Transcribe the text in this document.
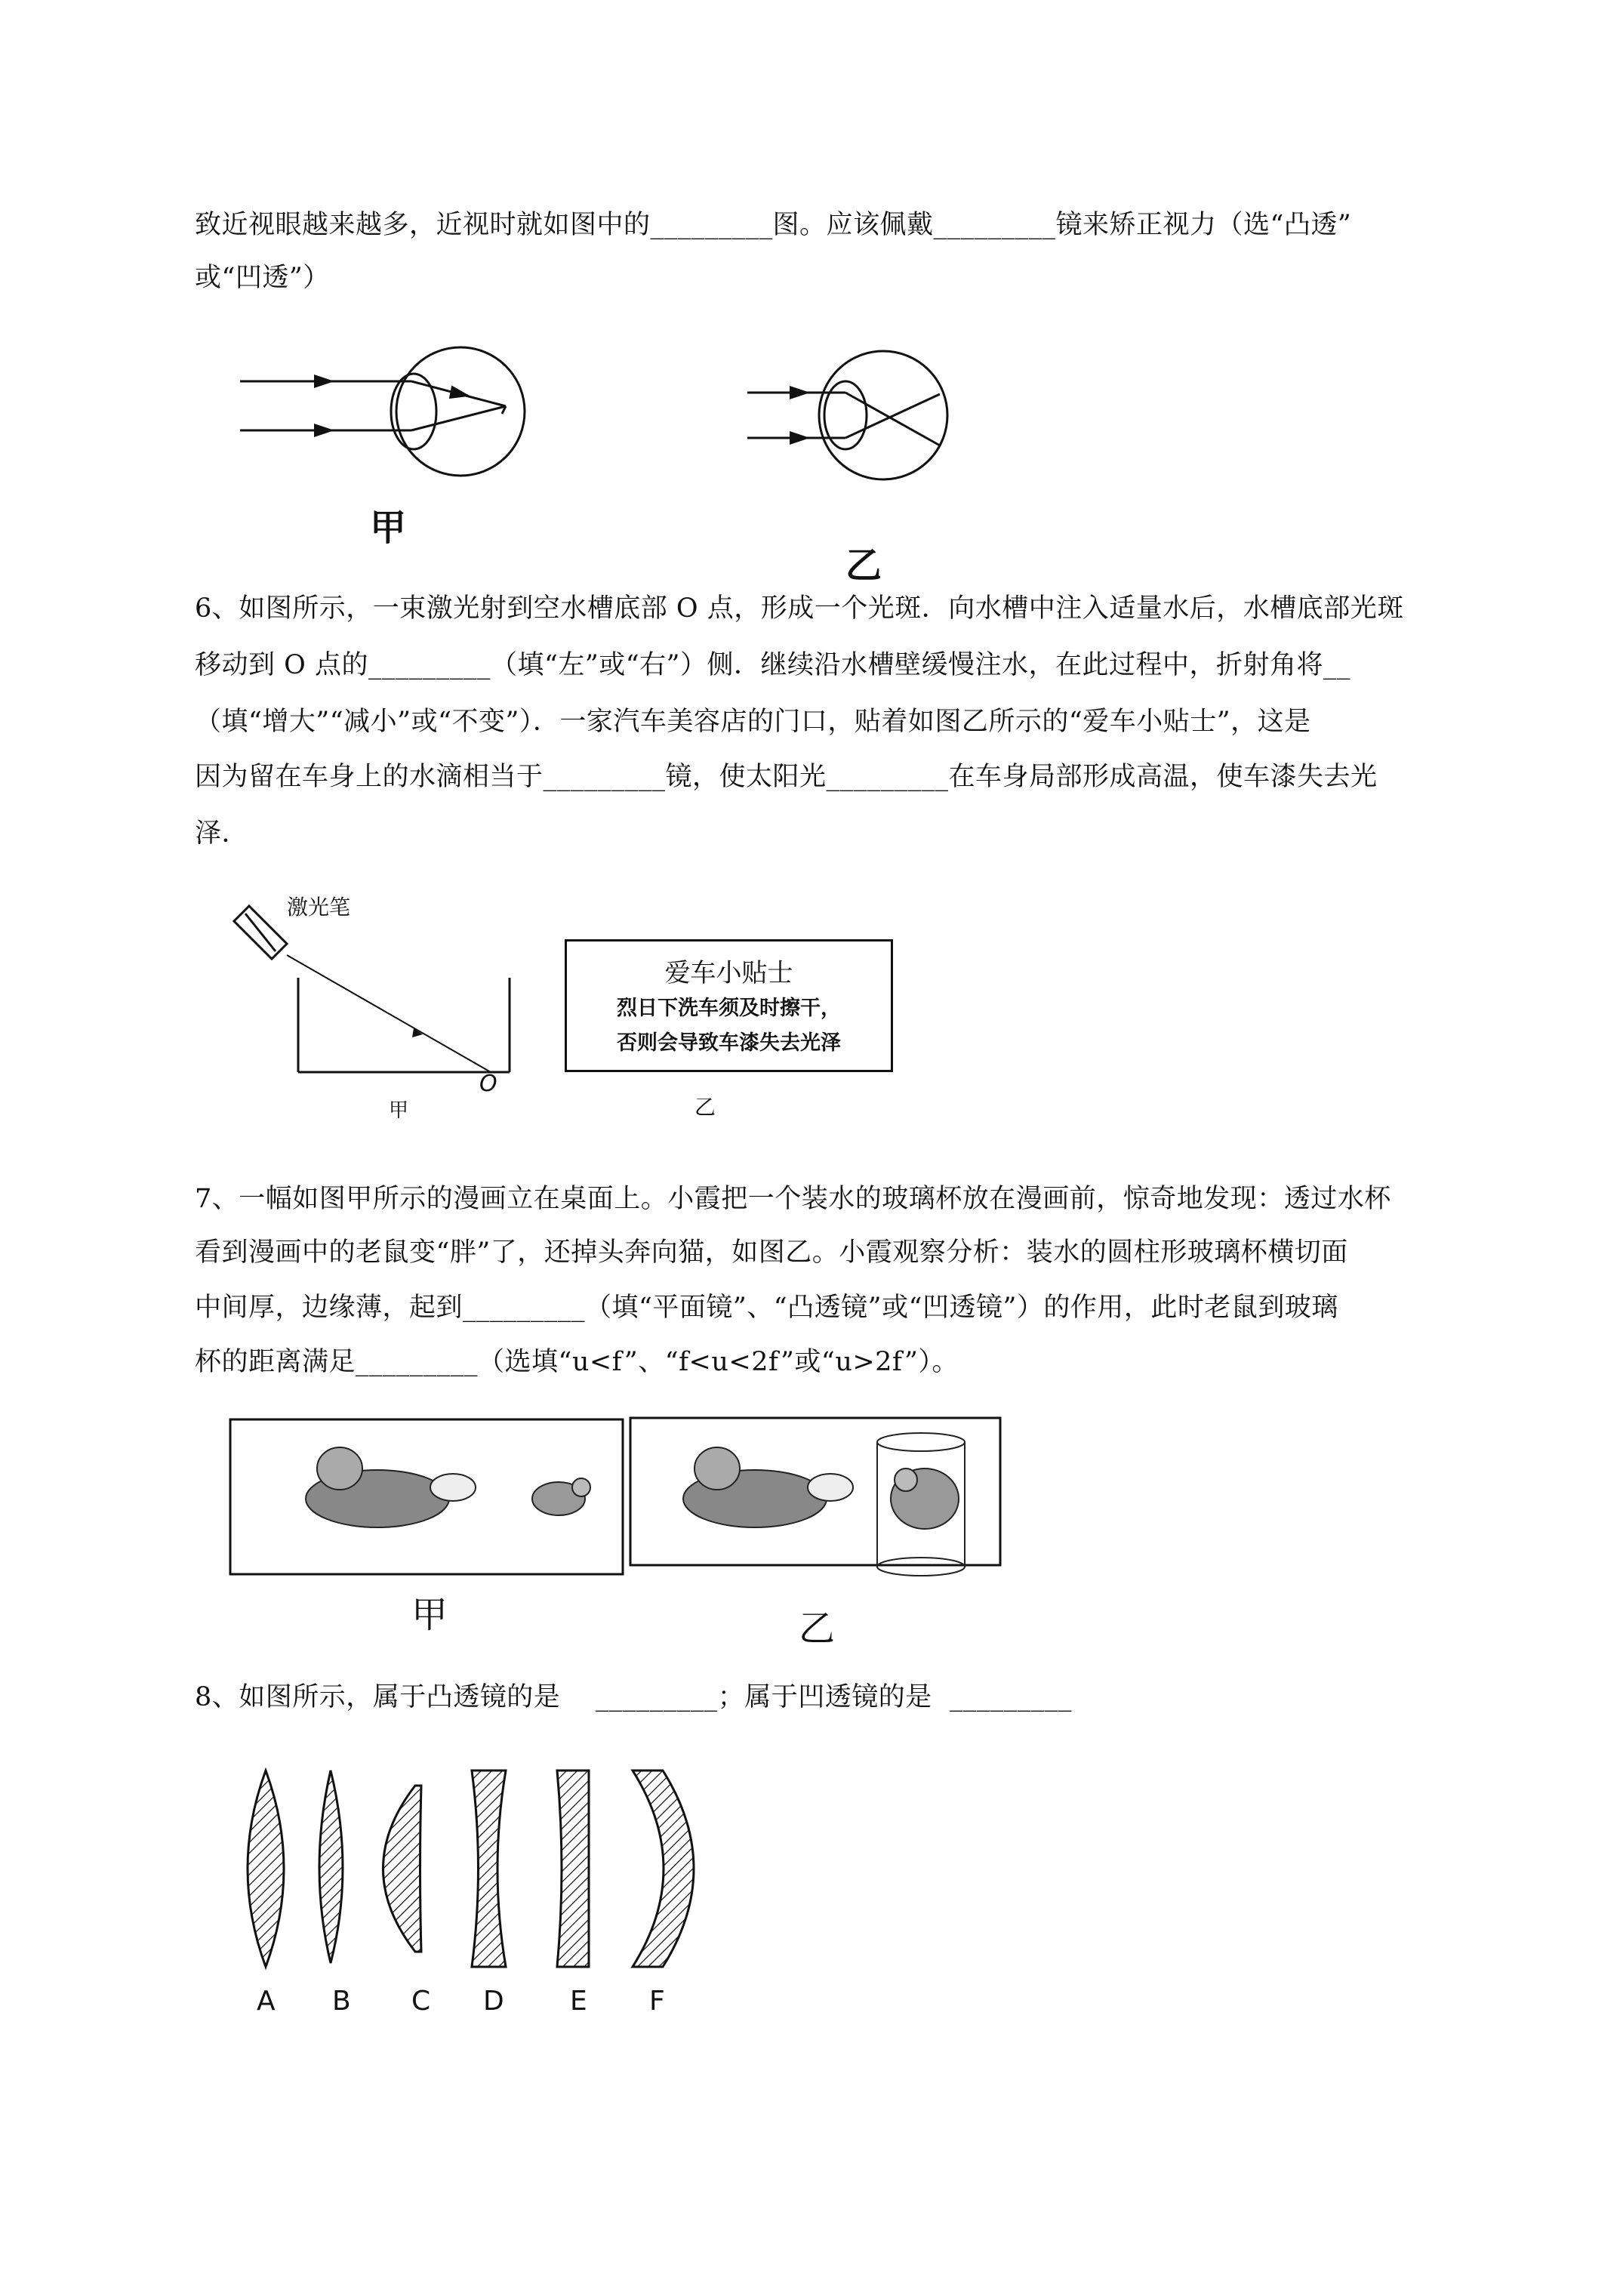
致近视眼越来越多，近视时就如图中的_________图。应该佩戴_________镜来矫正视力（选“凸透”
或“凹透”）
甲
乙
6、如图所示，一束激光射到空水槽底部 O 点，形成一个光斑．向水槽中注入适量水后，水槽底部光斑
移动到 O 点的_________（填“左”或“右”）侧．继续沿水槽壁缓慢注水，在此过程中，折射角将__
（填“增大”“减小”或“不变”）．一家汽车美容店的门口，贴着如图乙所示的“爱车小贴士”，这是
因为留在车身上的水滴相当于_________镜，使太阳光_________在车身局部形成高温，使车漆失去光
泽．
激光笔
O
甲
爱车小贴士
烈日下洗车须及时擦干，
否则会导致车漆失去光泽
乙
7、一幅如图甲所示的漫画立在桌面上。小霞把一个装水的玻璃杯放在漫画前，惊奇地发现：透过水杯
看到漫画中的老鼠变“胖”了，还掉头奔向猫，如图乙。小霞观察分析：装水的圆柱形玻璃杯横切面
中间厚，边缘薄，起到_________（填“平面镜”、“凸透镜”或“凹透镜”）的作用，此时老鼠到玻璃
杯的距离满足_________（选填“u<f”、“f<u<2f”或“u>2f”）。
甲	乙
8、如图所示，属于凸透镜的是    _________；属于凹透镜的是  _________
A B C D E F
